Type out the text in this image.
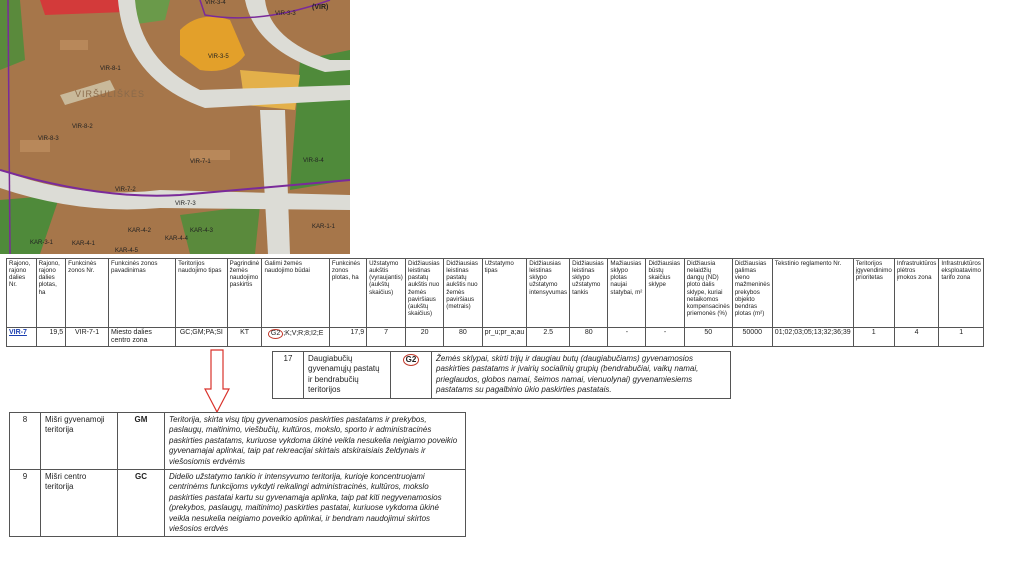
VIR-3-4
VIR-3-3
VIR-3-5
VIR-8-1
VIR-8-2
VIR-8-3
VIR-7-1	VIR-8-4
VIR-7-2
VIR-7-3
KAR-4-2	KAR-4-3
KAR-4-4
KAR-4-5
KAR-4-1
KAR-3-1
KAR-1-1
VIRŠULIŠKĖS
(VIR)
Rajono, rajono dalies Nr.	Rajono, rajono dalies plotas, ha	Funkcinės zonos Nr.	Funkcinės zonos pavadinimas	Teritorijos naudojimo tipas	Pagrindinė žemės naudojimo paskirtis	Galimi žemės naudojimo būdai	Funkcinės zonos plotas, ha	Užstatymo aukštis (vyraujantis) (aukštų skaičius)	Didžiausias leistinas pastatų aukštis nuo žemės paviršiaus (aukštų skaičius)	Didžiausias leistinas pastatų aukštis nuo žemės paviršiaus (metrais)	Užstatymo tipas	Didžiausias leistinas sklypo užstatymo intensyvumas	Didžiausias leistinas sklypo užstatymo tankis	Mažiausias sklypo plotas naujai statybai, m²	Didžiausias būstų skaičius sklype	Didžiausia nelaidžių dangų (ND) ploto dalis sklype, kuriai netaikomos kompensacinės priemonės (%)	Didžiausias galimas vieno mažmeninės prekybos objekto bendras plotas (m²)	Tekstinio reglamento Nr.	Teritorijos įgyvendinimo prioritetas	Infrastruktūros plėtros įmokos zona	Infrastruktūros eksploatavimo tarifo zona
VIR-7	19,5	VIR-7-1	Miesto dalies centro zona	GC;GM;PA;SI	KT	G2 ;K;V;R;8;I2;E	17,9	7	20	80	pr_u;pr_a;au	2.5	80	-	-	50	50000	01;02;03;05;13;32;36;39	1	4	1
17	Daugiabučių gyvenamųjų pastatų ir bendrabučių teritorijos	G2	Žemės sklypai, skirti trijų ir daugiau butų (daugiabučiams) gyvenamosios paskirties pastatams ir įvairių socialinių grupių (bendrabučiai, vaikų namai, prieglaudos, globos namai, šeimos namai, vienuolynai) gyvenamiesiems pastatams su pagalbinio ūkio paskirties pastatais.
8	Mišri gyvenamoji teritorija	GM	Teritorija, skirta visų tipų gyvenamosios paskirties pastatams ir prekybos, paslaugų, maitinimo, viešbučių, kultūros, mokslo, sporto ir administracinės paskirties pastatams, kuriuose vykdoma ūkinė veikla nesukelia neigiamo poveikio gyvenamajai aplinkai, taip pat rekreacijai skirtais atskiraisiais želdynais ir viešosiomis erdvėmis
9	Mišri centro teritorija	GC	Didelio užstatymo tankio ir intensyvumo teritorija, kurioje koncentruojami centrinėms funkcijoms vykdyti reikalingi administracinės, kultūros, mokslo paskirties pastatai kartu su gyvenamąja aplinka, taip pat kiti negyvenamosios (prekybos, paslaugų, maitinimo) paskirties pastatai, kuriuose vykdoma ūkinė veikla nesukelia neigiamo poveikio aplinkai, ir bendram naudojimui skirtos viešosios erdvės
